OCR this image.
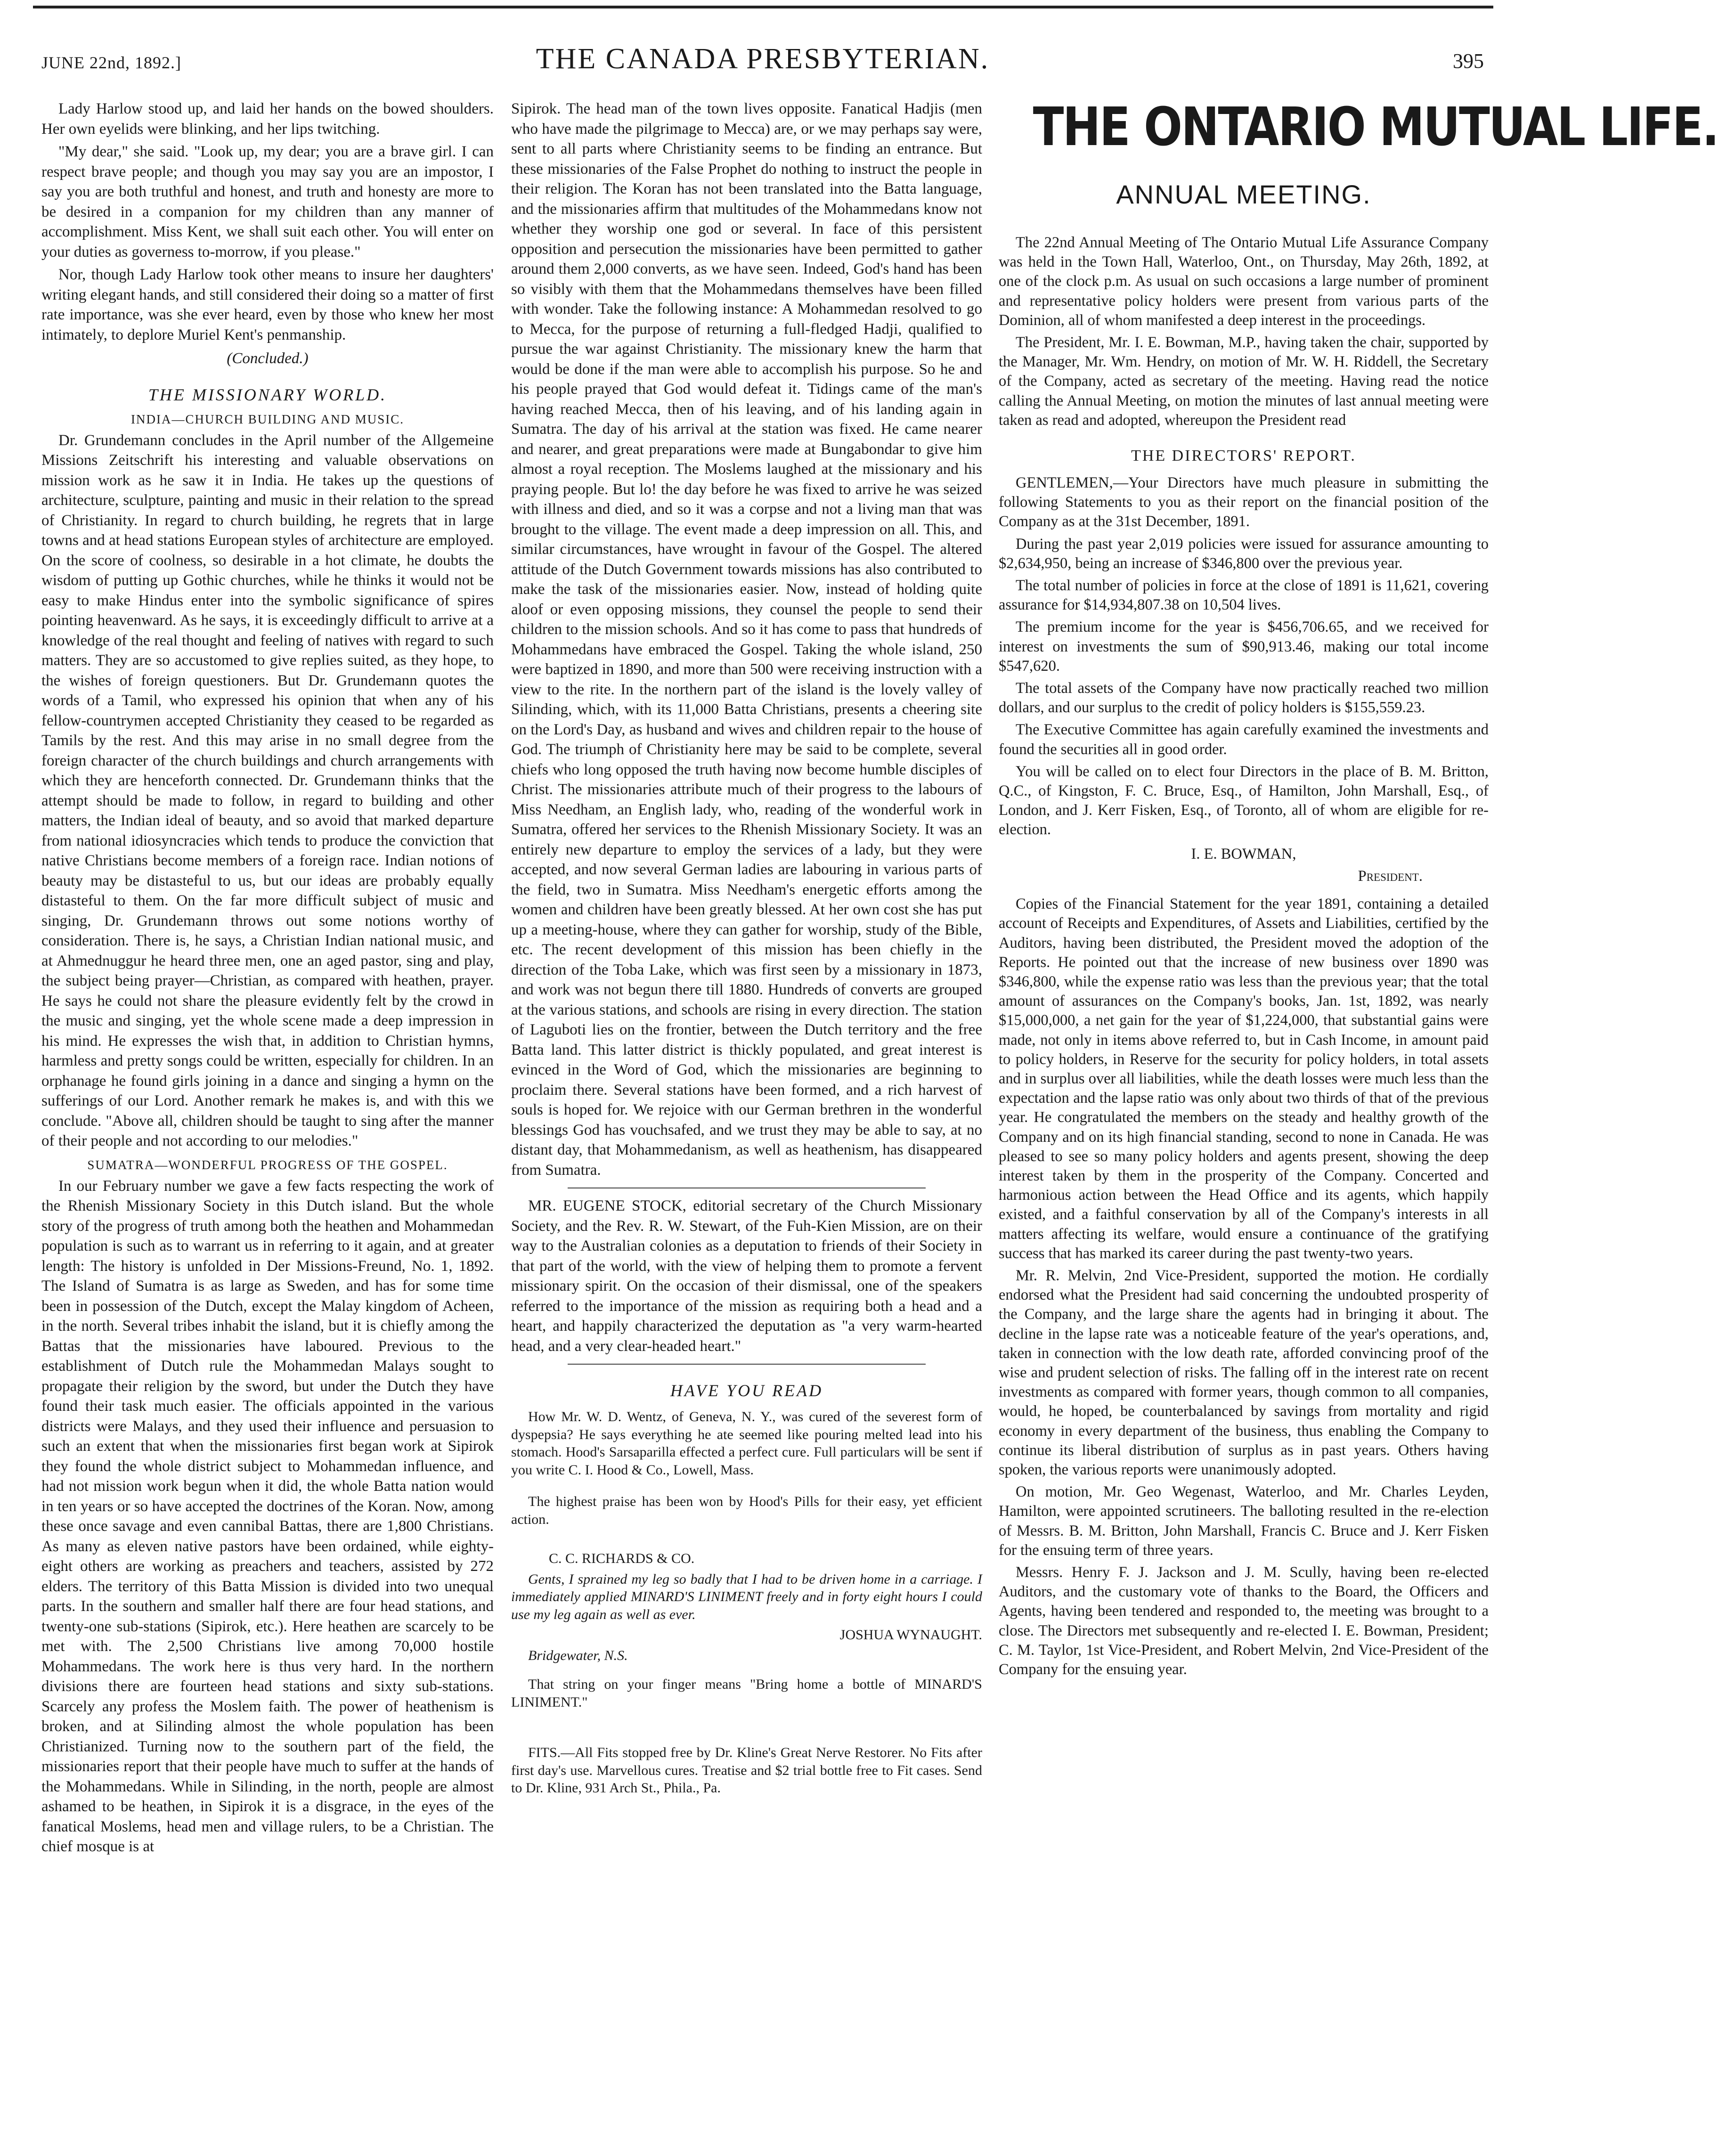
JUNE 22nd, 1892.]	THE CANADA PRESBYTERIAN.	395

Lady Harlow stood up, and laid her hands on the bowed shoulders. Her own eyelids were blinking, and her lips twitching.

"My dear," she said. "Look up, my dear; you are a brave girl. I can respect brave people; and though you may say you are an impostor, I say you are both truthful and honest, and truth and honesty are more to be desired in a companion for my children than any manner of accomplishment. Miss Kent, we shall suit each other. You will enter on your duties as governess to-morrow, if you please."

Nor, though Lady Harlow took other means to insure her daughters' writing elegant hands, and still considered their doing so a matter of first rate importance, was she ever heard, even by those who knew her most intimately, to deplore Muriel Kent's penmanship.

(Concluded.)

THE MISSIONARY WORLD.
INDIA—CHURCH BUILDING AND MUSIC.

Dr. Grundemann concludes in the April number of the Allgemeine Missions Zeitschrift his interesting and valuable observations on mission work as he saw it in India. He takes up the questions of architecture, sculpture, painting and music in their relation to the spread of Christianity. In regard to church building, he regrets that in large towns and at head stations European styles of architecture are employed. On the score of coolness, so desirable in a hot climate, he doubts the wisdom of putting up Gothic churches, while he thinks it would not be easy to make Hindus enter into the symbolic significance of spires pointing heavenward. As he says, it is exceedingly difficult to arrive at a knowledge of the real thought and feeling of natives with regard to such matters. They are so accustomed to give replies suited, as they hope, to the wishes of foreign questioners. But Dr. Grundemann quotes the words of a Tamil, who expressed his opinion that when any of his fellow-countrymen accepted Christianity they ceased to be regarded as Tamils by the rest. And this may arise in no small degree from the foreign character of the church buildings and church arrangements with which they are henceforth connected. Dr. Grundemann thinks that the attempt should be made to follow, in regard to building and other matters, the Indian ideal of beauty, and so avoid that marked departure from national idiosyncracies which tends to produce the conviction that native Christians become members of a foreign race. Indian notions of beauty may be distasteful to us, but our ideas are probably equally distasteful to them. On the far more difficult subject of music and singing, Dr. Grundemann throws out some notions worthy of consideration. There is, he says, a Christian Indian national music, and at Ahmednuggur he heard three men, one an aged pastor, sing and play, the subject being prayer—Christian, as compared with heathen, prayer. He says he could not share the pleasure evidently felt by the crowd in the music and singing, yet the whole scene made a deep impression in his mind. He expresses the wish that, in addition to Christian hymns, harmless and pretty songs could be written, especially for children. In an orphanage he found girls joining in a dance and singing a hymn on the sufferings of our Lord. Another remark he makes is, and with this we conclude. "Above all, children should be taught to sing after the manner of their people and not according to our melodies."

SUMATRA—WONDERFUL PROGRESS OF THE GOSPEL.

In our February number we gave a few facts respecting the work of the Rhenish Missionary Society in this Dutch island. But the whole story of the progress of truth among both the heathen and Mohammedan population is such as to warrant us in referring to it again, and at greater length: The history is unfolded in Der Missions-Freund, No. 1, 1892. The Island of Sumatra is as large as Sweden, and has for some time been in possession of the Dutch, except the Malay kingdom of Acheen, in the north. Several tribes inhabit the island, but it is chiefly among the Battas that the missionaries have laboured. Previous to the establishment of Dutch rule the Mohammedan Malays sought to propagate their religion by the sword, but under the Dutch they have found their task much easier. The officials appointed in the various districts were Malays, and they used their influence and persuasion to such an extent that when the missionaries first began work at Sipirok they found the whole district subject to Mohammedan influence, and had not mission work begun when it did, the whole Batta nation would in ten years or so have accepted the doctrines of the Koran. Now, among these once savage and even cannibal Battas, there are 1,800 Christians. As many as eleven native pastors have been ordained, while eighty-eight others are working as preachers and teachers, assisted by 272 elders. The territory of this Batta Mission is divided into two unequal parts. In the southern and smaller half there are four head stations, and twenty-one sub-stations (Sipirok, etc.). Here heathen are scarcely to be met with. The 2,500 Christians live among 70,000 hostile Mohammedans. The work here is thus very hard. In the northern divisions there are fourteen head stations and sixty sub-stations. Scarcely any profess the Moslem faith. The power of heathenism is broken, and at Silinding almost the whole population has been Christianized. Turning now to the southern part of the field, the missionaries report that their people have much to suffer at the hands of the Mohammedans. While in Silinding, in the north, people are almost ashamed to be heathen, in Sipirok it is a disgrace, in the eyes of the fanatical Moslems, head men and village rulers, to be a Christian. The chief mosque is at

Sipirok. The head man of the town lives opposite. Fanatical Hadjis (men who have made the pilgrimage to Mecca) are, or we may perhaps say were, sent to all parts where Christianity seems to be finding an entrance. But these missionaries of the False Prophet do nothing to instruct the people in their religion. The Koran has not been translated into the Batta language, and the missionaries affirm that multitudes of the Mohammedans know not whether they worship one god or several. In face of this persistent opposition and persecution the missionaries have been permitted to gather around them 2,000 converts, as we have seen. Indeed, God's hand has been so visibly with them that the Mohammedans themselves have been filled with wonder. Take the following instance: A Mohammedan resolved to go to Mecca, for the purpose of returning a full-fledged Hadji, qualified to pursue the war against Christianity. The missionary knew the harm that would be done if the man were able to accomplish his purpose. So he and his people prayed that God would defeat it. Tidings came of the man's having reached Mecca, then of his leaving, and of his landing again in Sumatra. The day of his arrival at the station was fixed. He came nearer and nearer, and great preparations were made at Bungabondar to give him almost a royal reception. The Moslems laughed at the missionary and his praying people. But lo! the day before he was fixed to arrive he was seized with illness and died, and so it was a corpse and not a living man that was brought to the village. The event made a deep impression on all. This, and similar circumstances, have wrought in favour of the Gospel. The altered attitude of the Dutch Government towards missions has also contributed to make the task of the missionaries easier. Now, instead of holding quite aloof or even opposing missions, they counsel the people to send their children to the mission schools. And so it has come to pass that hundreds of Mohammedans have embraced the Gospel. Taking the whole island, 250 were baptized in 1890, and more than 500 were receiving instruction with a view to the rite. In the northern part of the island is the lovely valley of Silinding, which, with its 11,000 Batta Christians, presents a cheering site on the Lord's Day, as husband and wives and children repair to the house of God. The triumph of Christianity here may be said to be complete, several chiefs who long opposed the truth having now become humble disciples of Christ. The missionaries attribute much of their progress to the labours of Miss Needham, an English lady, who, reading of the wonderful work in Sumatra, offered her services to the Rhenish Missionary Society. It was an entirely new departure to employ the services of a lady, but they were accepted, and now several German ladies are labouring in various parts of the field, two in Sumatra. Miss Needham's energetic efforts among the women and children have been greatly blessed. At her own cost she has put up a meeting-house, where they can gather for worship, study of the Bible, etc. The recent development of this mission has been chiefly in the direction of the Toba Lake, which was first seen by a missionary in 1873, and work was not begun there till 1880. Hundreds of converts are grouped at the various stations, and schools are rising in every direction. The station of Laguboti lies on the frontier, between the Dutch territory and the free Batta land. This latter district is thickly populated, and great interest is evinced in the Word of God, which the missionaries are beginning to proclaim there. Several stations have been formed, and a rich harvest of souls is hoped for. We rejoice with our German brethren in the wonderful blessings God has vouchsafed, and we trust they may be able to say, at no distant day, that Mohammedanism, as well as heathenism, has disappeared from Sumatra.

MR. EUGENE STOCK, editorial secretary of the Church Missionary Society, and the Rev. R. W. Stewart, of the Fuh-Kien Mission, are on their way to the Australian colonies as a deputation to friends of their Society in that part of the world, with the view of helping them to promote a fervent missionary spirit. On the occasion of their dismissal, one of the speakers referred to the importance of the mission as requiring both a head and a heart, and happily characterized the deputation as "a very warm-hearted head, and a very clear-headed heart."

HAVE YOU READ

How Mr. W. D. Wentz, of Geneva, N. Y., was cured of the severest form of dyspepsia? He says everything he ate seemed like pouring melted lead into his stomach. Hood's Sarsaparilla effected a perfect cure. Full particulars will be sent if you write C. I. Hood & Co., Lowell, Mass.

The highest praise has been won by Hood's Pills for their easy, yet efficient action.

C. C. RICHARDS & CO.

Gents, I sprained my leg so badly that I had to be driven home in a carriage. I immediately applied MINARD'S LINIMENT freely and in forty eight hours I could use my leg again as well as ever.

JOSHUA WYNAUGHT.

Bridgewater, N.S.

That string on your finger means "Bring home a bottle of MINARD'S LINIMENT."

FITS.—All Fits stopped free by Dr. Kline's Great Nerve Restorer. No Fits after first day's use. Marvellous cures. Treatise and $2 trial bottle free to Fit cases. Send to Dr. Kline, 931 Arch St., Phila., Pa.

THE ONTARIO MUTUAL LIFE.
ANNUAL MEETING.

The 22nd Annual Meeting of The Ontario Mutual Life Assurance Company was held in the Town Hall, Waterloo, Ont., on Thursday, May 26th, 1892, at one of the clock p.m. As usual on such occasions a large number of prominent and representative policy holders were present from various parts of the Dominion, all of whom manifested a deep interest in the proceedings.

The President, Mr. I. E. Bowman, M.P., having taken the chair, supported by the Manager, Mr. Wm. Hendry, on motion of Mr. W. H. Riddell, the Secretary of the Company, acted as secretary of the meeting. Having read the notice calling the Annual Meeting, on motion the minutes of last annual meeting were taken as read and adopted, whereupon the President read

THE DIRECTORS' REPORT.

GENTLEMEN,—Your Directors have much pleasure in submitting the following Statements to you as their report on the financial position of the Company as at the 31st December, 1891.

During the past year 2,019 policies were issued for assurance amounting to $2,634,950, being an increase of $346,800 over the previous year.

The total number of policies in force at the close of 1891 is 11,621, covering assurance for $14,934,807.38 on 10,504 lives.

The premium income for the year is $456,706.65, and we received for interest on investments the sum of $90,913.46, making our total income $547,620.

The total assets of the Company have now practically reached two million dollars, and our surplus to the credit of policy holders is $155,559.23.

The Executive Committee has again carefully examined the investments and found the securities all in good order.

You will be called on to elect four Directors in the place of B. M. Britton, Q.C., of Kingston, F. C. Bruce, Esq., of Hamilton, John Marshall, Esq., of London, and J. Kerr Fisken, Esq., of Toronto, all of whom are eligible for re-election.

I. E. BOWMAN,

President.

Copies of the Financial Statement for the year 1891, containing a detailed account of Receipts and Expenditures, of Assets and Liabilities, certified by the Auditors, having been distributed, the President moved the adoption of the Reports. He pointed out that the increase of new business over 1890 was $346,800, while the expense ratio was less than the previous year; that the total amount of assurances on the Company's books, Jan. 1st, 1892, was nearly $15,000,000, a net gain for the year of $1,224,000, that substantial gains were made, not only in items above referred to, but in Cash Income, in amount paid to policy holders, in Reserve for the security for policy holders, in total assets and in surplus over all liabilities, while the death losses were much less than the expectation and the lapse ratio was only about two thirds of that of the previous year. He congratulated the members on the steady and healthy growth of the Company and on its high financial standing, second to none in Canada. He was pleased to see so many policy holders and agents present, showing the deep interest taken by them in the prosperity of the Company. Concerted and harmonious action between the Head Office and its agents, which happily existed, and a faithful conservation by all of the Company's interests in all matters affecting its welfare, would ensure a continuance of the gratifying success that has marked its career during the past twenty-two years.

Mr. R. Melvin, 2nd Vice-President, supported the motion. He cordially endorsed what the President had said concerning the undoubted prosperity of the Company, and the large share the agents had in bringing it about. The decline in the lapse rate was a noticeable feature of the year's operations, and, taken in connection with the low death rate, afforded convincing proof of the wise and prudent selection of risks. The falling off in the interest rate on recent investments as compared with former years, though common to all companies, would, he hoped, be counterbalanced by savings from mortality and rigid economy in every department of the business, thus enabling the Company to continue its liberal distribution of surplus as in past years. Others having spoken, the various reports were unanimously adopted.

On motion, Mr. Geo Wegenast, Waterloo, and Mr. Charles Leyden, Hamilton, were appointed scrutineers. The balloting resulted in the re-election of Messrs. B. M. Britton, John Marshall, Francis C. Bruce and J. Kerr Fisken for the ensuing term of three years.

Messrs. Henry F. J. Jackson and J. M. Scully, having been re-elected Auditors, and the customary vote of thanks to the Board, the Officers and Agents, having been tendered and responded to, the meeting was brought to a close. The Directors met subsequently and re-elected I. E. Bowman, President; C. M. Taylor, 1st Vice-President, and Robert Melvin, 2nd Vice-President of the Company for the ensuing year.
